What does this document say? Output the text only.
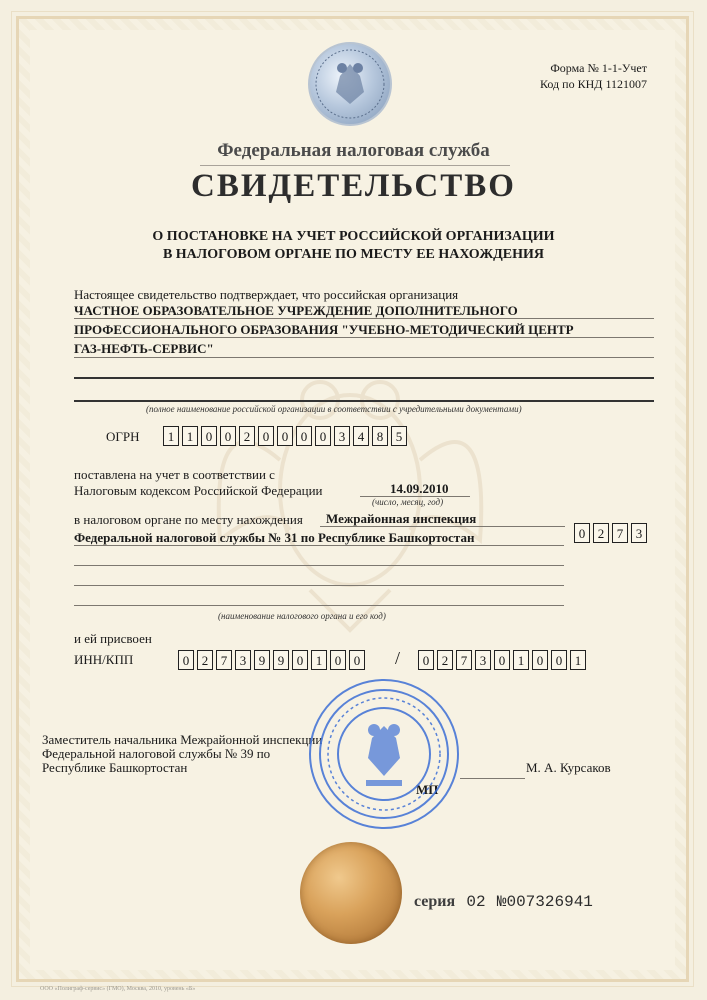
Форма № 1-1-Учет
Код по КНД 1121007
Федеральная налоговая служба
СВИДЕТЕЛЬСТВО
О ПОСТАНОВКЕ НА УЧЕТ РОССИЙСКОЙ ОРГАНИЗАЦИИ
В НАЛОГОВОМ ОРГАНЕ ПО МЕСТУ ЕЕ НАХОЖДЕНИЯ
Настоящее свидетельство подтверждает, что российская организация
ЧАСТНОЕ ОБРАЗОВАТЕЛЬНОЕ УЧРЕЖДЕНИЕ ДОПОЛНИТЕЛЬНОГО
ПРОФЕССИОНАЛЬНОГО ОБРАЗОВАНИЯ "УЧЕБНО-МЕТОДИЧЕСКИЙ ЦЕНТР
ГАЗ-НЕФТЬ-СЕРВИС"
(полное наименование российской организации в соответствии с учредительными документами)
ОГРН	1 1 0 0 2 0 0 0 0 3 4 8 5
поставлена на учет в соответствии с
Налоговым кодексом Российской Федерации	14.09.2010
(число, месяц, год)
в налоговом органе по месту нахождения Межрайонная инспекция
Федеральной налоговой службы № 31 по Республике Башкортостан	0 2 7 3
(наименование налогового органа и его код)
и ей присвоен
ИНН/КПП	0 2 7 3 9 9 0 1 0 0 /	0 2 7 3 0 1 0 0 1
Заместитель начальника Межрайонной инспекции
Федеральной налоговой службы № 39 по
Республике Башкортостан	М. А. Курсаков
МП
серия 02 №007326941
ООО «Полиграф-сервис» (ГМО), Москва, 2010, уровень «Б»
